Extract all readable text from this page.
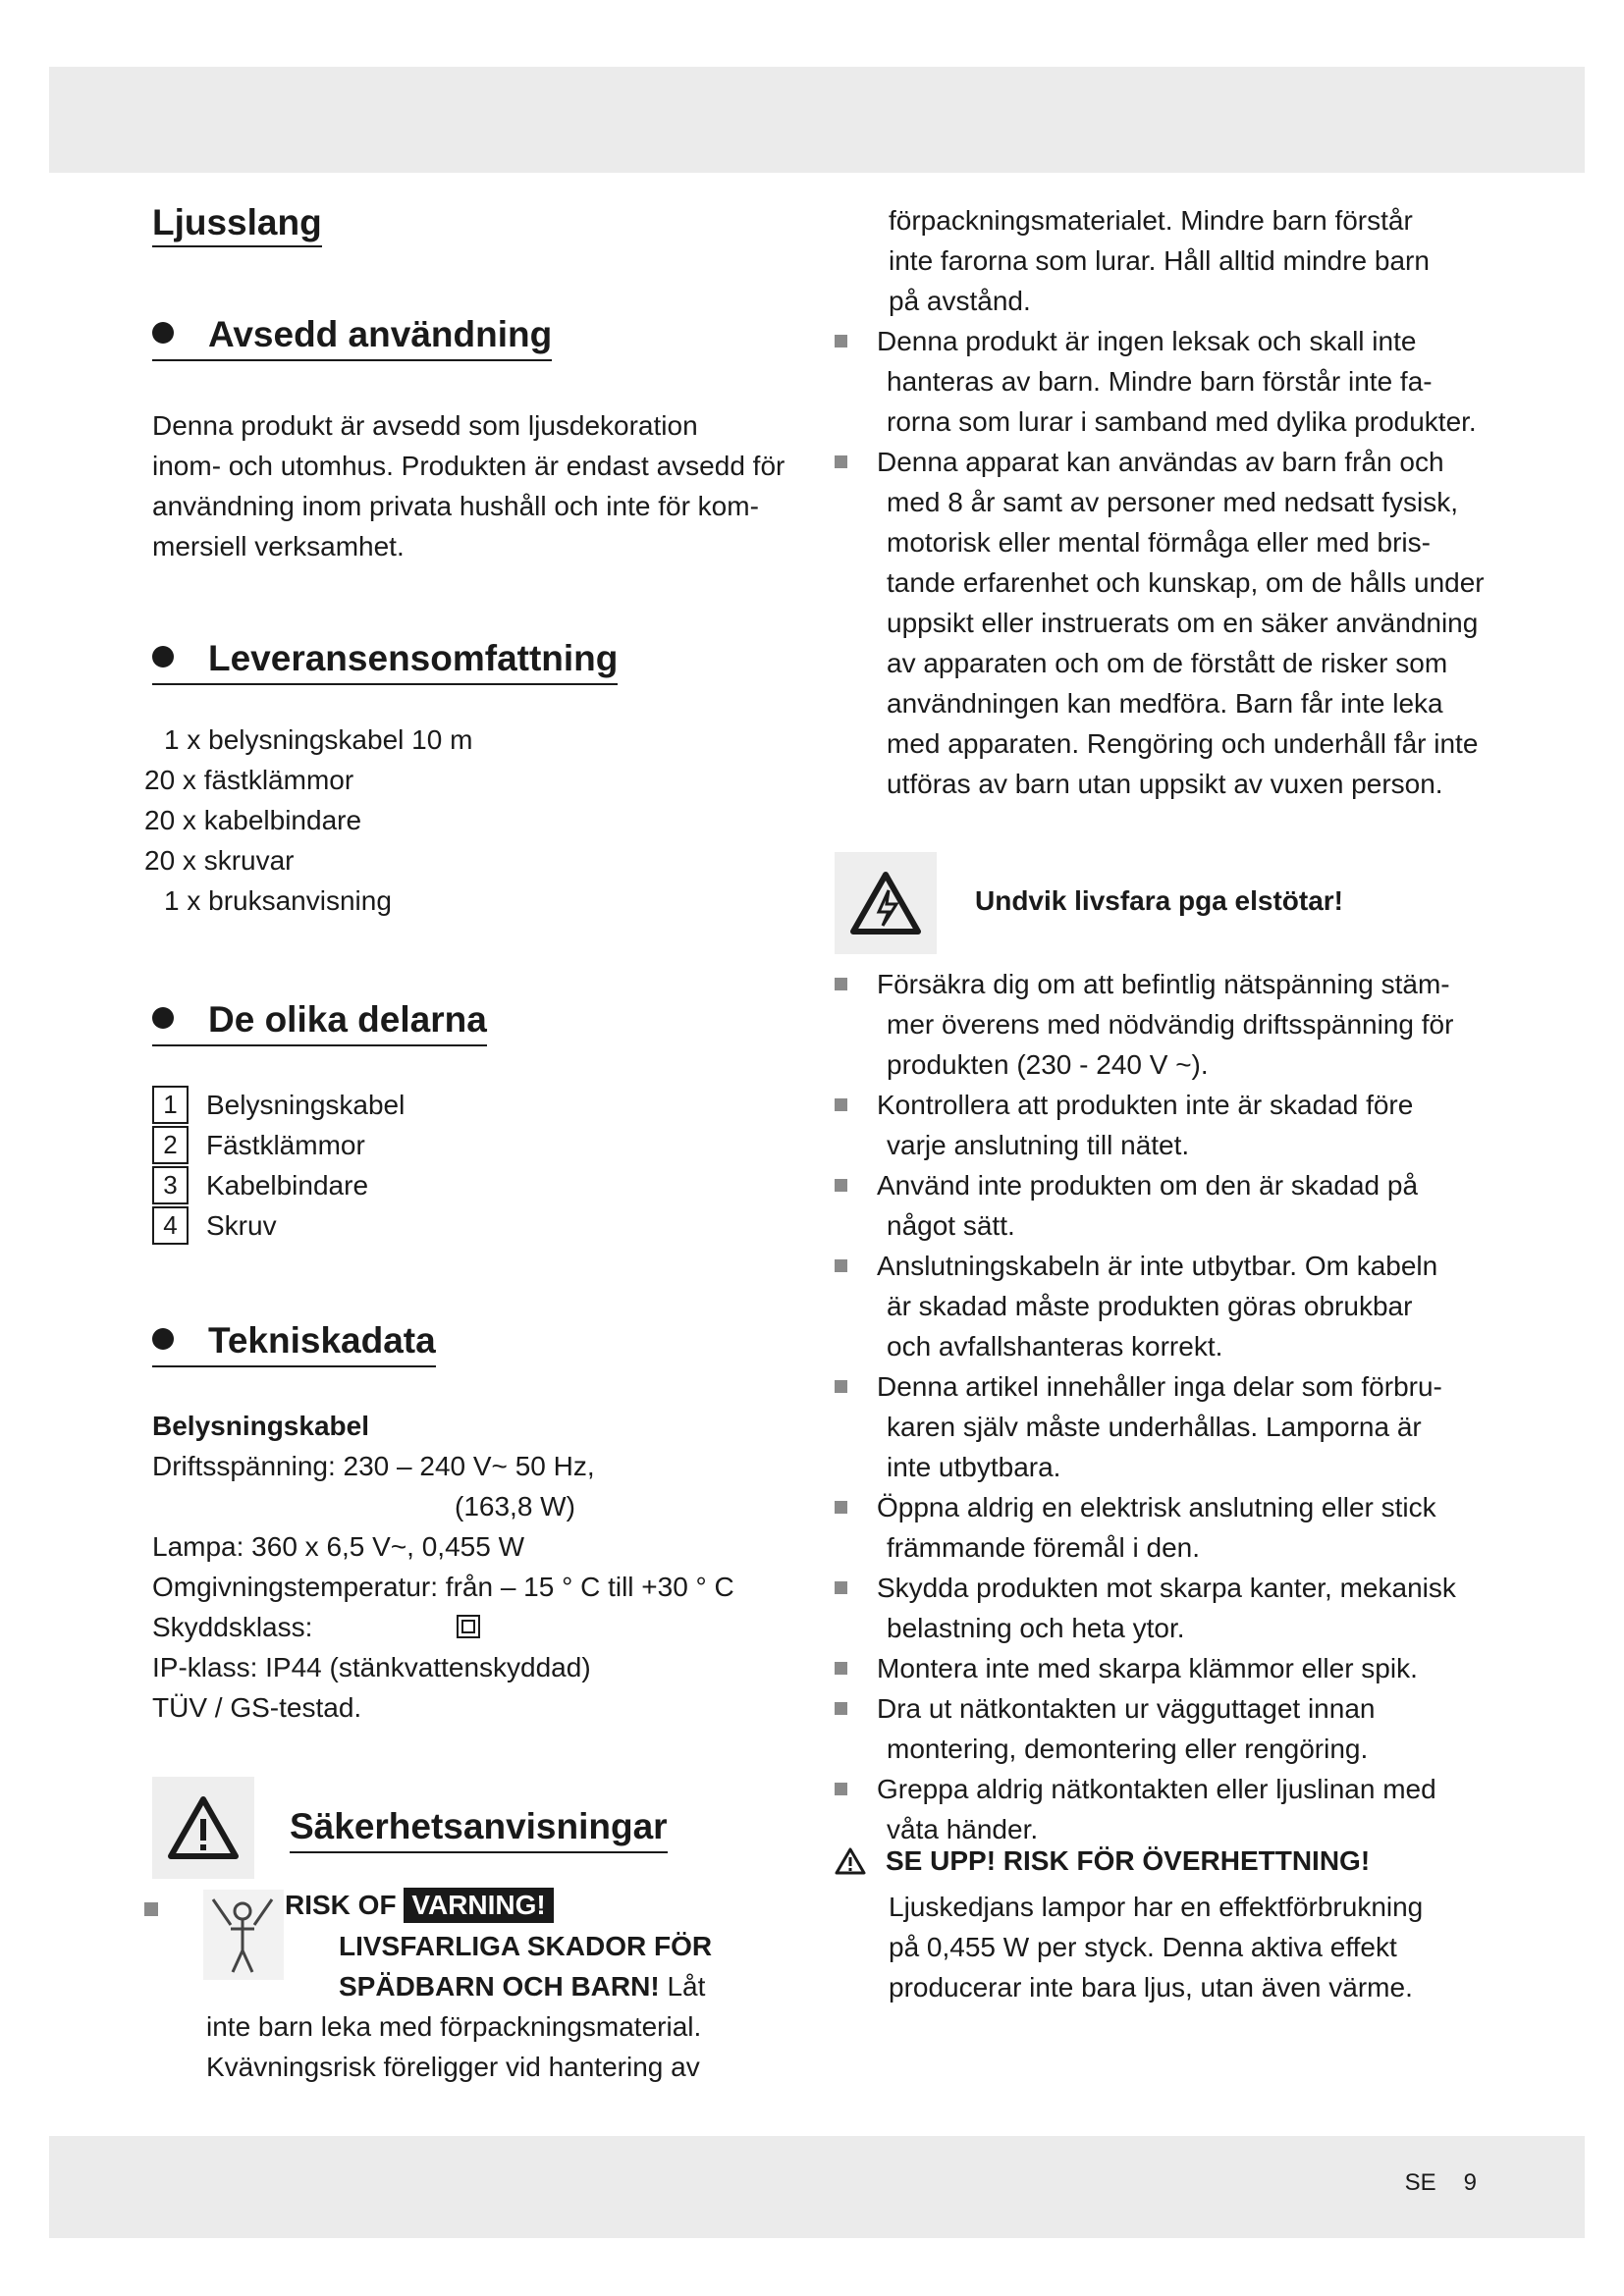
SE 9
Ljusslang
Avsedd användning
Denna produkt är avsedd som ljusdekoration
inom- och utomhus. Produkten är endast avsedd för
användning inom privata hushåll och inte för kom-
mersiell verksamhet.
Leveransensomfattning
1 x belysningskabel 10 m
20 x fästklämmor
20 x kabelbindare
20 x skruvar
1 x bruksanvisning
De olika delarna
1	Belysningskabel
2	Fästklämmor
3	Kabelbindare
4	Skruv
Tekniskadata
Belysningskabel
Driftsspänning: 230 – 240 V~ 50 Hz,
(163,8 W)
Lampa: 360 x 6,5 V~, 0,455 W
Omgivningstemperatur: från – 15 ° C till +30 ° C
Skyddsklass:
IP-klass: IP44 (stänkvattenskyddad)
TÜV / GS-testad.
Säkerhetsanvisningar
RISK OF VARNING!
LIVSFARLIGA SKADOR FÖR
SPÄDBARN OCH BARN! Låt
inte barn leka med förpackningsmaterial.
Kvävningsrisk föreligger vid hantering av
förpackningsmaterialet. Mindre barn förstår
inte farorna som lurar. Håll alltid mindre barn
på avstånd.
Denna produkt är ingen leksak och skall inte
hanteras av barn. Mindre barn förstår inte fa-
rorna som lurar i samband med dylika produkter.
Denna apparat kan användas av barn från och
med 8 år samt av personer med nedsatt fysisk,
motorisk eller mental förmåga eller med bris-
tande erfarenhet och kunskap, om de hålls under
uppsikt eller instruerats om en säker användning
av apparaten och om de förstått de risker som
användningen kan medföra. Barn får inte leka
med apparaten. Rengöring och underhåll får inte
utföras av barn utan uppsikt av vuxen person.
Undvik livsfara pga elstötar!
Försäkra dig om att befintlig nätspänning stäm-
mer överens med nödvändig driftsspänning för
produkten (230 - 240 V ~).
Kontrollera att produkten inte är skadad före
varje anslutning till nätet.
Använd inte produkten om den är skadad på
något sätt.
Anslutningskabeln är inte utbytbar. Om kabeln
är skadad måste produkten göras obrukbar
och avfallshanteras korrekt.
Denna artikel innehåller inga delar som förbru-
karen själv måste underhållas. Lamporna är
inte utbytbara.
Öppna aldrig en elektrisk anslutning eller stick
främmande föremål i den.
Skydda produkten mot skarpa kanter, mekanisk
belastning och heta ytor.
Montera inte med skarpa klämmor eller spik.
Dra ut nätkontakten ur vägguttaget innan
montering, demontering eller rengöring.
Greppa aldrig nätkontakten eller ljuslinan med
våta händer.
SE UPP! RISK FÖR ÖVERHETTNING!
Ljuskedjans lampor har en effektförbrukning
på 0,455 W per styck. Denna aktiva effekt
producerar inte bara ljus, utan även värme.
